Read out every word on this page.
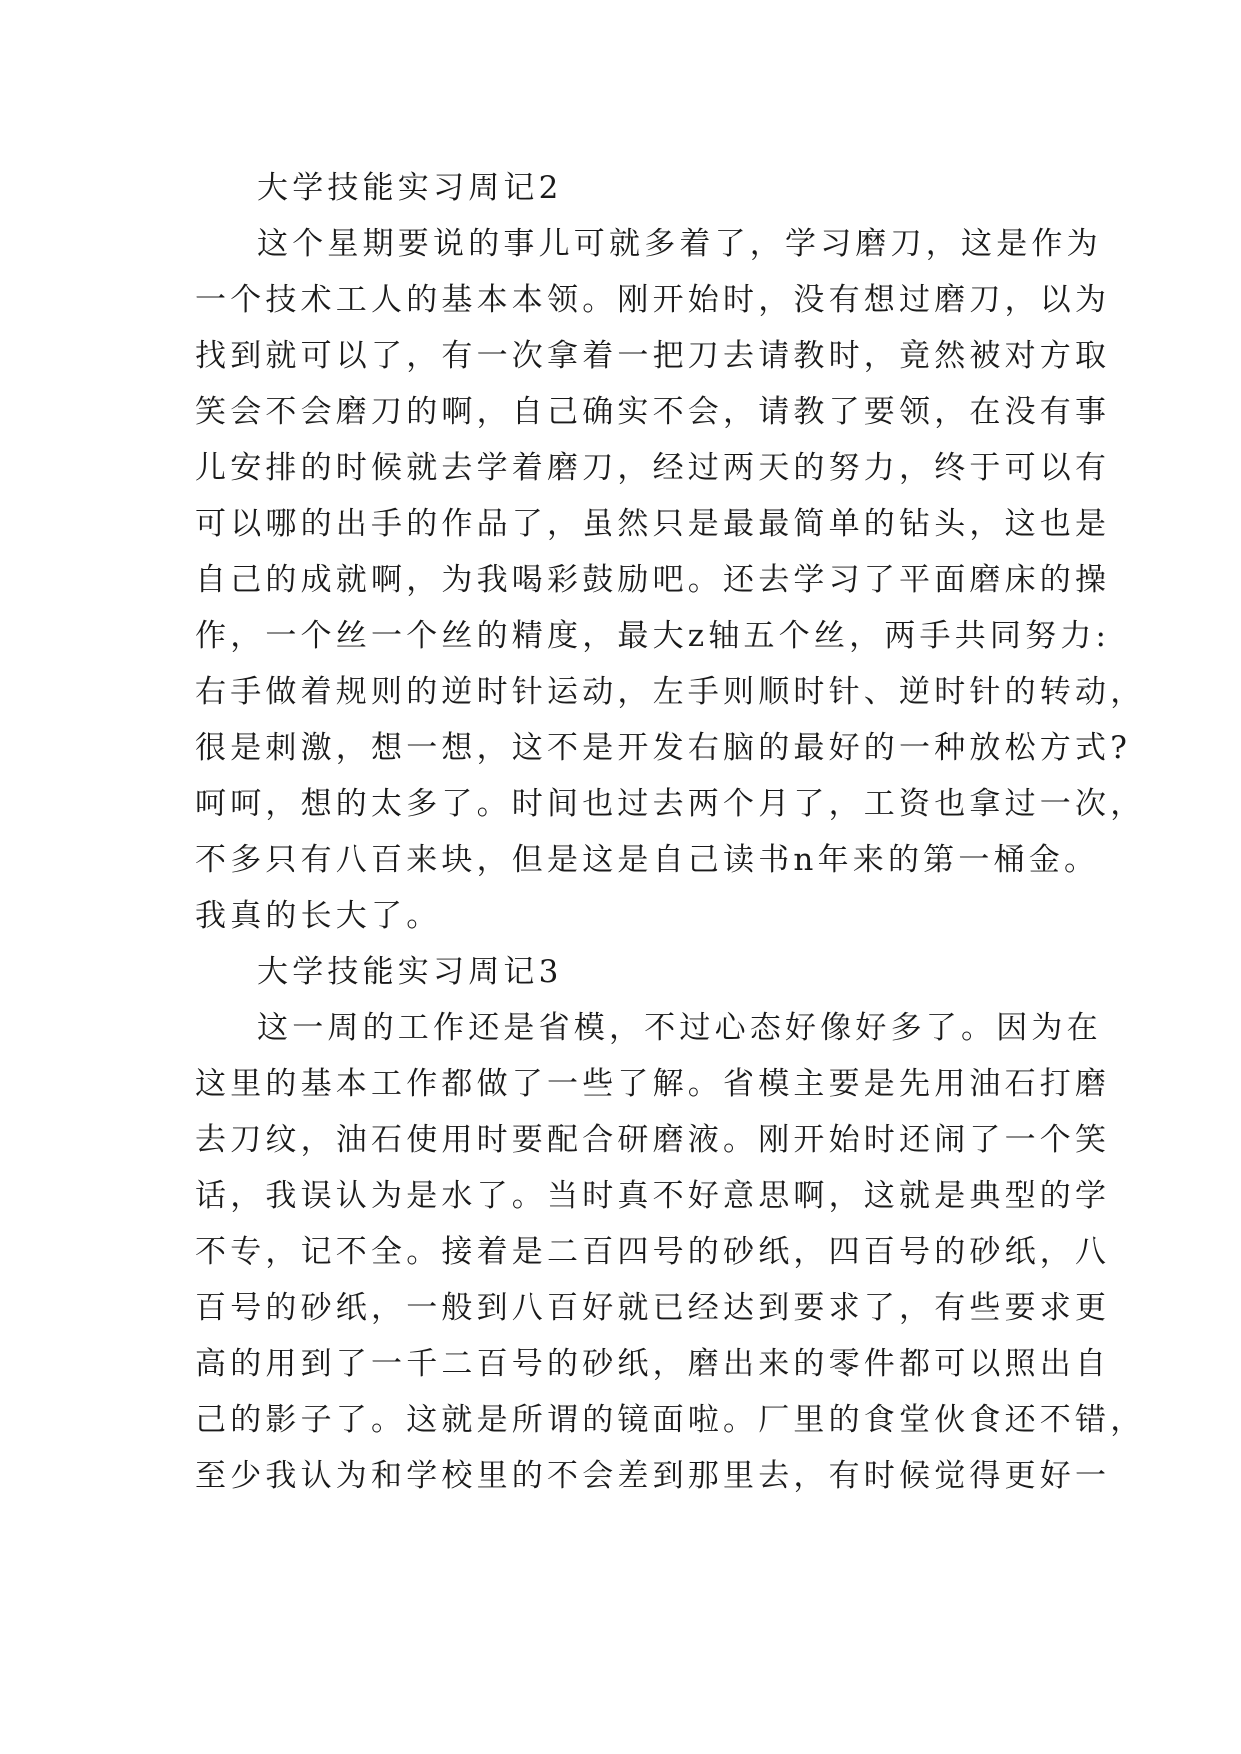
大学技能实习周记2
这个星期要说的事儿可就多着了，学习磨刀，这是作为
一个技术工人的基本本领。刚开始时，没有想过磨刀，以为
找到就可以了，有一次拿着一把刀去请教时，竟然被对方取
笑会不会磨刀的啊，自己确实不会，请教了要领，在没有事
儿安排的时候就去学着磨刀，经过两天的努力，终于可以有
可以哪的出手的作品了，虽然只是最最简单的钻头，这也是
自己的成就啊，为我喝彩鼓励吧。还去学习了平面磨床的操
作，一个丝一个丝的精度，最大z轴五个丝，两手共同努力:
右手做着规则的逆时针运动，左手则顺时针、逆时针的转动，
很是刺激，想一想，这不是开发右脑的最好的一种放松方式?
呵呵，想的太多了。时间也过去两个月了，工资也拿过一次，
不多只有八百来块，但是这是自己读书n年来的第一桶金。
我真的长大了。
大学技能实习周记3
这一周的工作还是省模，不过心态好像好多了。因为在
这里的基本工作都做了一些了解。省模主要是先用油石打磨
去刀纹，油石使用时要配合研磨液。刚开始时还闹了一个笑
话，我误认为是水了。当时真不好意思啊，这就是典型的学
不专，记不全。接着是二百四号的砂纸，四百号的砂纸，八
百号的砂纸，一般到八百好就已经达到要求了，有些要求更
高的用到了一千二百号的砂纸，磨出来的零件都可以照出自
己的影子了。这就是所谓的镜面啦。厂里的食堂伙食还不错，
至少我认为和学校里的不会差到那里去，有时候觉得更好一
